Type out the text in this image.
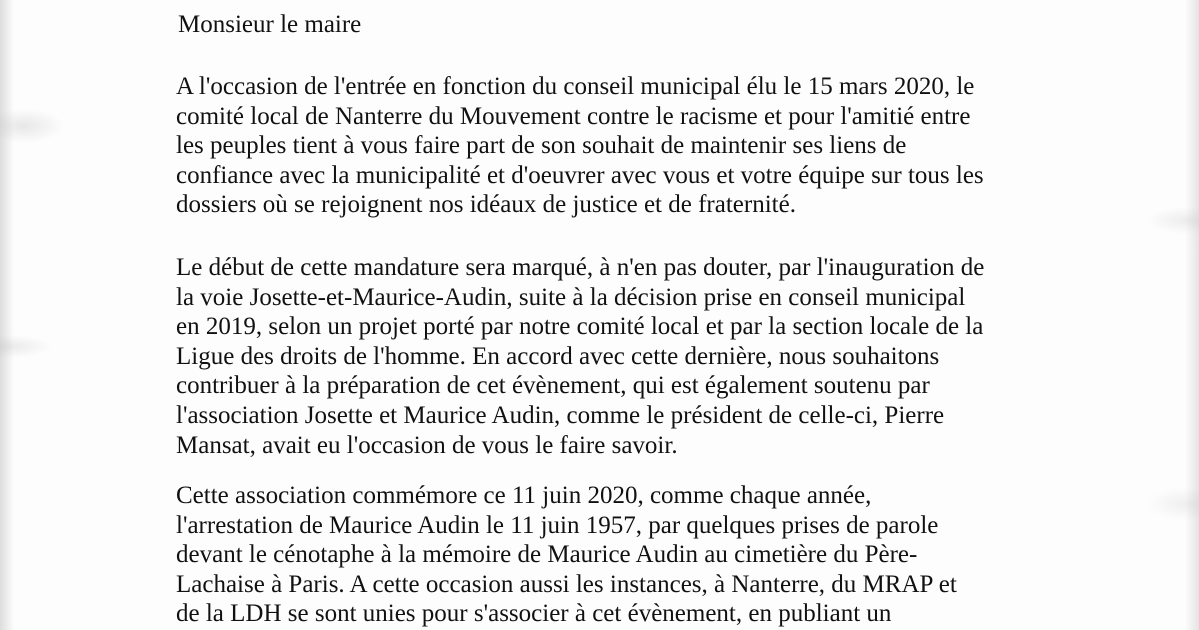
Monsieur le maire

A l'occasion de l'entrée en fonction du conseil municipal élu le 15 mars 2020, le
comité local de Nanterre du Mouvement contre le racisme et pour l'amitié entre
les peuples tient à vous faire part de son souhait de maintenir ses liens de
confiance avec la municipalité et d'oeuvrer avec vous et votre équipe sur tous les
dossiers où se rejoignent nos idéaux de justice et de fraternité.
Le début de cette mandature sera marqué, à n'en pas douter, par l'inauguration de
la voie Josette-et-Maurice-Audin, suite à la décision prise en conseil municipal
en 2019, selon un projet porté par notre comité local et par la section locale de la
Ligue des droits de l'homme. En accord avec cette dernière, nous souhaitons
contribuer à la préparation de cet évènement, qui est également soutenu par
l'association Josette et Maurice Audin, comme le président de celle-ci, Pierre
Mansat, avait eu l'occasion de vous le faire savoir.
Cette association commémore ce 11 juin 2020, comme chaque année,
l'arrestation de Maurice Audin le 11 juin 1957, par quelques prises de parole
devant le cénotaphe à la mémoire de Maurice Audin au cimetière du Père-
Lachaise à Paris. A cette occasion aussi les instances, à Nanterre, du MRAP et
de la LDH se sont unies pour s'associer à cet évènement, en publiant un
